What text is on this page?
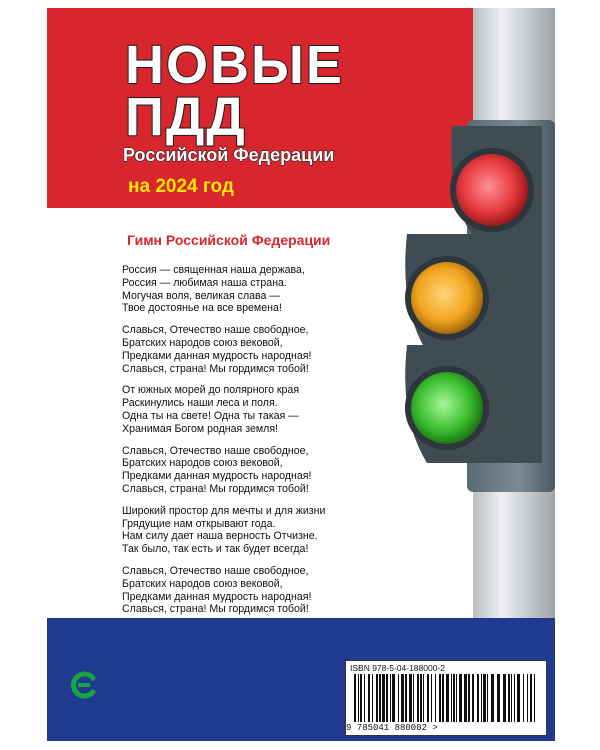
НОВЫЕ
ПДД
Российской Федерации
на 2024 год
Гимн Российской Федерации
Россия — священная наша держава,
Россия — любимая наша страна.
Могучая воля, великая слава —
Твое достоянье на все времена!
Славься, Отечество наше свободное,
Братских народов союз вековой,
Предками данная мудрость народная!
Славься, страна! Мы гордимся тобой!
От южных морей до полярного края
Раскинулись наши леса и поля.
Одна ты на свете! Одна ты такая —
Хранимая Богом родная земля!
Славься, Отечество наше свободное,
Братских народов союз вековой,
Предками данная мудрость народная!
Славься, страна! Мы гордимся тобой!
Широкий простор для мечты и для жизни
Грядущие нам открывают года.
Нам силу дает наша верность Отчизне.
Так было, так есть и так будет всегда!
Славься, Отечество наше свободное,
Братских народов союз вековой,
Предками данная мудрость народная!
Славься, страна! Мы гордимся тобой!
ISBN 978-5-04-188000-2
9 785041 880002 >
